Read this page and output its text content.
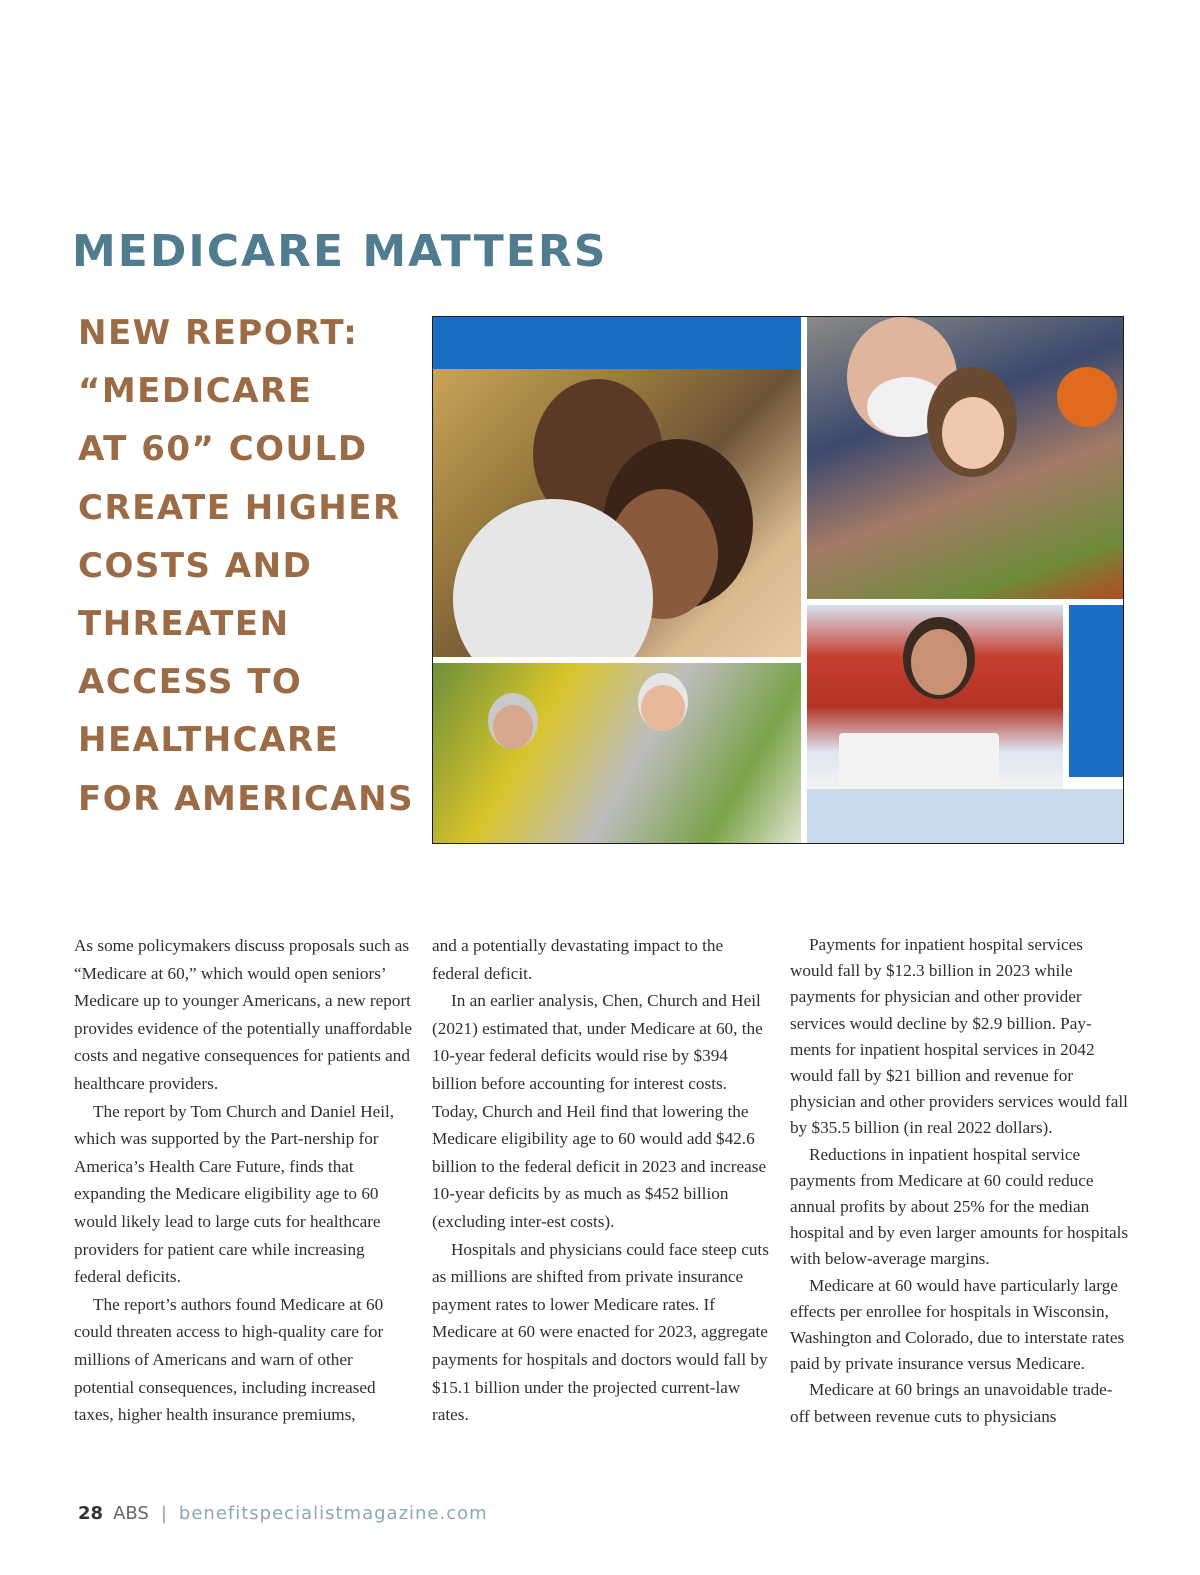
MEDICARE MATTERS
NEW REPORT:
“MEDICARE
AT 60” COULD
CREATE HIGHER
COSTS AND
THREATEN
ACCESS TO
HEALTHCARE
FOR AMERICANS

As some policymakers discuss proposals such as “Medicare at 60,” which would open seniors’ Medicare up to younger Americans, a new report provides evidence of the potentially unaffordable costs and negative consequences for patients and healthcare providers.

The report by Tom Church and Daniel Heil, which was supported by the Part-nership for America’s Health Care Future, finds that expanding the Medicare eligibility age to 60 would likely lead to large cuts for healthcare providers for patient care while increasing federal deficits.

The report’s authors found Medicare at 60 could threaten access to high-quality care for millions of Americans and warn of other potential consequences, including increased taxes, higher health insurance premiums,

and a potentially devastating impact to the federal deficit.

In an earlier analysis, Chen, Church and Heil (2021) estimated that, under Medicare at 60, the 10-year federal deficits would rise by $394 billion before accounting for interest costs. Today, Church and Heil find that lowering the Medicare eligibility age to 60 would add $42.6 billion to the federal deficit in 2023 and increase 10-year deficits by as much as $452 billion (excluding inter-est costs).

Hospitals and physicians could face steep cuts as millions are shifted from private insurance payment rates to lower Medicare rates. If Medicare at 60 were enacted for 2023, aggregate payments for hospitals and doctors would fall by $15.1 billion under the projected current-law rates.

Payments for inpatient hospital services would fall by $12.3 billion in 2023 while payments for physician and other provider services would decline by $2.9 billion. Pay-ments for inpatient hospital services in 2042 would fall by $21 billion and revenue for physician and other providers services would fall by $35.5 billion (in real 2022 dollars).

Reductions in inpatient hospital service payments from Medicare at 60 could reduce annual profits by about 25% for the median hospital and by even larger amounts for hospitals with below-average margins.

Medicare at 60 would have particularly large effects per enrollee for hospitals in Wisconsin, Washington and Colorado, due to interstate rates paid by private insurance versus Medicare.

Medicare at 60 brings an unavoidable trade-off between revenue cuts to physicians

28 ABS | benefitspecialistmagazine.com
